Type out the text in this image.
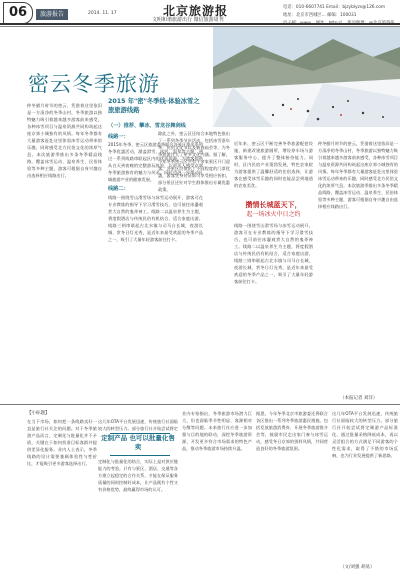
06	旅游报告	2014. 11. 17	北京旅游报
文明和谐旅游出行 微信旅游周刊
电话：010-6607741 Email：bjzyblyzs@126.com
地址：北京市西城区... 邮编：100031
密云冬季旅游
2015 年"密"冬季线·体验冰雪之旅旅游线路
仲冬腊月时节的密云，凭借着这里依旧是一方清净的冬季山村，冬季旅游以独特魅力吸引着越来越多游客前来感受，各种冰雪项目与温泉资源共同构筑起这座京郊小城独有的风情。每年冬季都有大量游客赶赴这里体验冰雪运动带来的乐趣，同时感受北方民俗文化的浓厚气息。本次旅游季推出多条冬季精品线路，覆盖冰雪运动、温泉养生、民俗体验等多种主题，游客可根据自身兴趣自由选择相应线路出行。
（一）推荐、攀冰、雪龙谷舞剑线
线路一：
2015年冬季，密云区旅游委将联合各景区推出系列冬季优惠活动，涵盖滑雪、冰钓、温泉等主题，通过一系列线路串联起区内的优质资源，为游客提供从白天到夜晚的完整游玩体验，让更多人感受京郊冬季旅游独有的魅力与风采，同时也进一步推动区域旅游产业的健康发展。
线路二：
线路一围绕雪山滑雪场与冰雪运动展开，游客可在专业教练的指导下学习滑雪技巧，也可前往冰瀑观赏大自然的鬼斧神工。线路二以温泉养生为主题，将度假酒店与传统民俗有机结合，适合家庭出游。线路三则串联起古北水镇与司马台长城，夜游长城、赏冬日灯光秀，是近年来最受欢迎的冬季产品之一，吸引了大量年轻游客前往打卡。
除此之外，密云区还结合本地特色推出了一系列冬季节庆活动，包括冰雪嘉年华、民俗文化节以及新春庙会等，为冬季旅游注入了更多文化内涵。据了解，今年冬季密云区共有十余家景区开门迎客，各景区均推出了不同程度的门票优惠，游客凭身份证即可享受相应折扣，部分景区还针对学生群体推出专属优惠政策。
攒情长城蓝天下，
起一场冰火中日之约
近年来，密云区不断完善冬季旅游配套设施，新建改建旅游厕所，增设停车场与游客服务中心，提升了整体接待能力。同时，区内民宿产业蓬勃发展，特色农家院为游客提供了温馨舒适的住宿选择，让游客在感受冰雪乐趣的同时也能品尝到地道的农家美食。
线路一围绕雪山滑雪场与冰雪运动展开，游客可在专业教练的指导下学习滑雪技巧，也可前往冰瀑观赏大自然的鬼斧神工。线路二以温泉养生为主题，将度假酒店与传统民俗有机结合，适合家庭出游。线路三则串联起古北水镇与司马台长城，夜游长城、赏冬日灯光秀，是近年来最受欢迎的冬季产品之一，吸引了大量年轻游客前往打卡。
仲冬腊月时节的密云，凭借着这里依旧是一方清净的冬季山村，冬季旅游以独特魅力吸引着越来越多游客前来感受，各种冰雪项目与温泉资源共同构筑起这座京郊小城独有的风情。每年冬季都有大量游客赶赴这里体验冰雪运动带来的乐趣，同时感受北方民俗文化的浓厚气息。本次旅游季推出多条冬季精品线路，覆盖冰雪运动、温泉养生、民俗体验等多种主题，游客可根据自身兴趣自由选择相应线路出行。
【小标题】
在当下市场，如何把一条线路卖好一直是旅行社关注的问题。对于冬季旅游产品而言，定制化与批量化并不矛盾，关键在于如何找准目标客群并提供差异化服务。业内人士表示，冬季线路的设计需要兼顾体验性与性价比，才能吸引更多游客选择出行。
这几年OTA平台发展迅速，传统旅行社面临较大的转型压力。部分旅行社开始尝试将定
定制产品 也可以批量化售卖
定制化与批量化的结合，实际上是对供应链能力的考验。只有与景区、酒店、交通等各方建立起稳定的合作关系，才能在保证服务质量的同时控制好成本，让产品既有个性又有价格优势，最终赢得市场的认可。
业内专家指出，冬季旅游市场潜力巨大，但也面临季节性明显、客源相对分散等问题。未来旅行社应进一步加强与目的地的联动，深挖冬季旅游资源，开发更多符合市场需求的特色产品，推动冬季旅游市场持续升温。
据悉，今年冬季北京市旅游委还将联合各区推出一系列冬季旅游惠民措施，包括发放旅游消费券、开展冬季旅游推介会等，鼓励市民走出家门参与冰雪运动，感受冬日京郊的别样风情，共同营造良好的冬季旅游氛围。
这几年OTA平台发展迅速，传统旅行社面临较大的转型压力。部分旅行社开始尝试将定制游产品标准化，通过批量采购降低成本，再以灵活组合的方式满足不同游客的个性化需求，取得了不错的市场反响，也为行业发展提供了新思路。
（文/刘强 胡易）
（本报记者 刘洋）
